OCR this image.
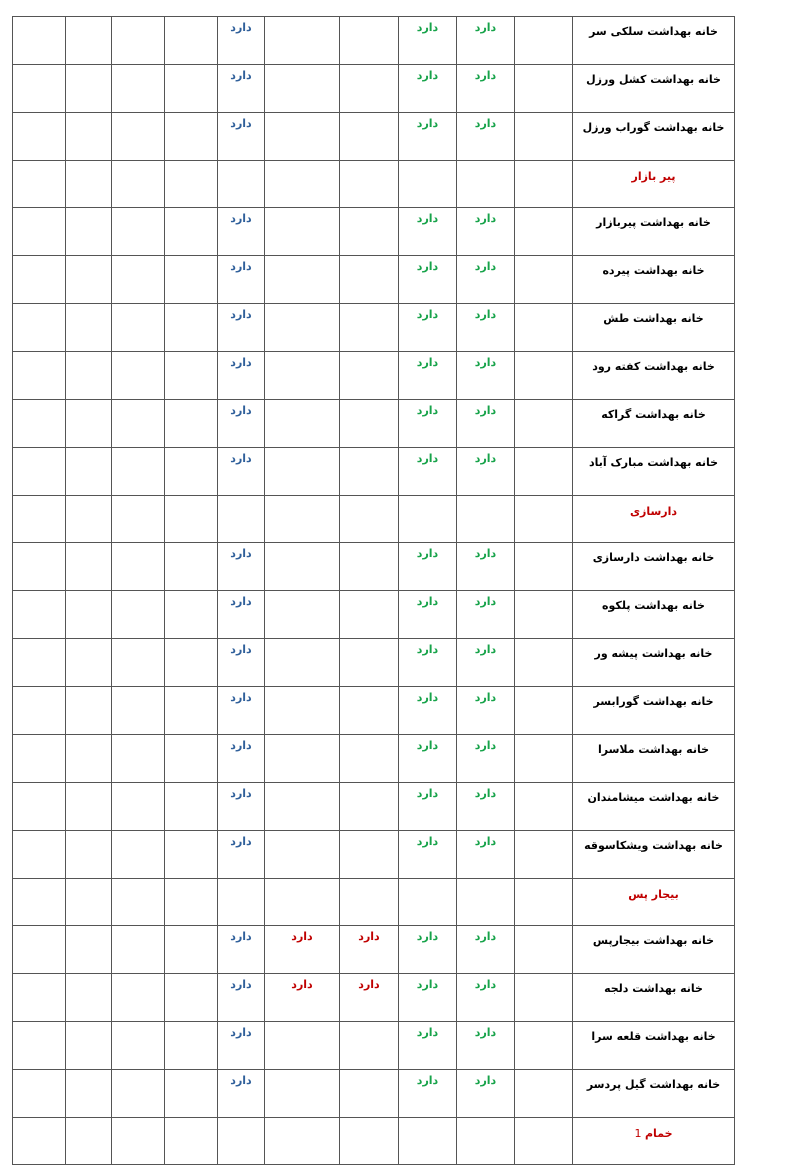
				دارد			دارد	دارد		خانه بهداشت سلکی سر	
				دارد			دارد	دارد		خانه بهداشت کشل ورزل	
				دارد			دارد	دارد		خانه بهداشت گوراب ورزل	
										پیر بازار	
				دارد			دارد	دارد		خانه بهداشت پیربازار	
				دارد			دارد	دارد		خانه بهداشت پیرده	
				دارد			دارد	دارد		خانه بهداشت طش	
				دارد			دارد	دارد		خانه بهداشت کفته رود	
				دارد			دارد	دارد		خانه بهداشت گراکه	
				دارد			دارد	دارد		خانه بهداشت مبارک آباد	
										دارسازی	
				دارد			دارد	دارد		خانه بهداشت دارسازی	
				دارد			دارد	دارد		خانه بهداشت پلکوه	
				دارد			دارد	دارد		خانه بهداشت پیشه ور	
				دارد			دارد	دارد		خانه بهداشت گورابسر	
				دارد			دارد	دارد		خانه بهداشت ملاسرا	
				دارد			دارد	دارد		خانه بهداشت میشامندان	
				دارد			دارد	دارد		خانه بهداشت ویشکاسوقه	
										بیجار پس	
				دارد	دارد	دارد	دارد	دارد		خانه بهداشت بیجارپس	
				دارد	دارد	دارد	دارد	دارد		خانه بهداشت دلجه	
				دارد			دارد	دارد		خانه بهداشت قلعه سرا	
				دارد			دارد	دارد		خانه بهداشت گیل پردسر	
										خمام 1	
